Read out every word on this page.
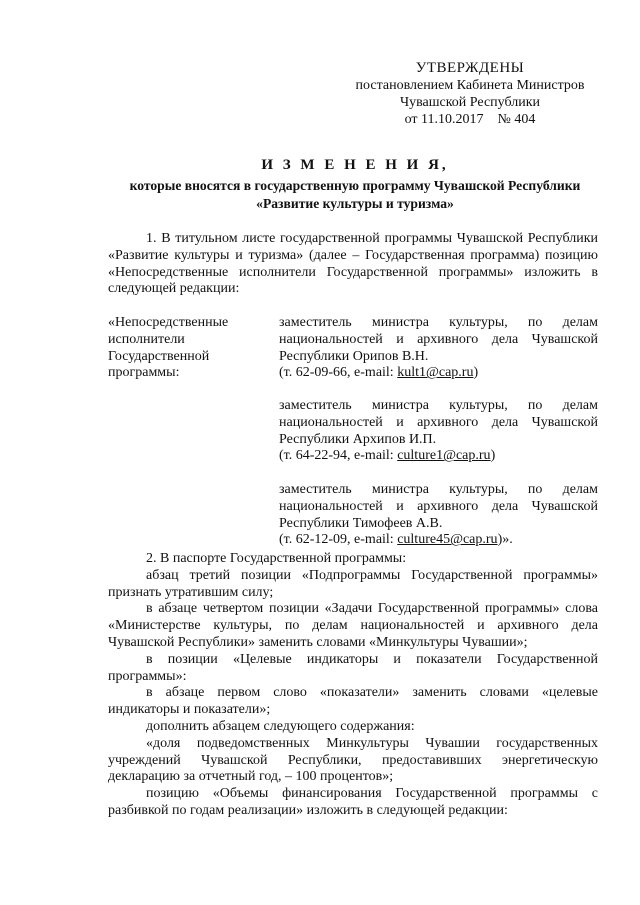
УТВЕРЖДЕНЫ
постановлением Кабинета Министров
Чувашской Республики
от 11.10.2017    № 404
И З М Е Н Е Н И Я,
которые вносятся в государственную программу Чувашской Республики
«Развитие культуры и туризма»
1. В титульном листе государственной программы Чувашской Республики «Развитие культуры и туризма» (далее – Государственная программа) позицию «Непосредственные исполнители Государственной программы» изложить в следующей редакции:
«Непосредственные исполнители Государственной программы:
заместитель министра культуры, по делам национальностей и архивного дела Чувашской Республики Орипов В.Н.
(т. 62-09-66, e-mail: kult1@cap.ru)
заместитель министра культуры, по делам национальностей и архивного дела Чувашской Республики Архипов И.П.
(т. 64-22-94, e-mail: culture1@cap.ru)
заместитель министра культуры, по делам национальностей и архивного дела Чувашской Республики Тимофеев А.В.
(т. 62-12-09, e-mail: culture45@cap.ru)».

2. В паспорте Государственной программы:

абзац третий позиции «Подпрограммы Государственной программы» признать утратившим силу;

в абзаце четвертом позиции «Задачи Государственной программы» слова «Министерстве культуры, по делам национальностей и архивного дела Чувашской Республики» заменить словами «Минкультуры Чувашии»;

в позиции «Целевые индикаторы и показатели Государственной программы»:

в абзаце первом слово «показатели» заменить словами «целевые индикаторы и показатели»;

дополнить абзацем следующего содержания:

«доля подведомственных Минкультуры Чувашии государственных учреждений Чувашской Республики, предоставивших энергетическую декларацию за отчетный год, – 100 процентов»;

позицию «Объемы финансирования Государственной программы с разбивкой по годам реализации» изложить в следующей редакции:
